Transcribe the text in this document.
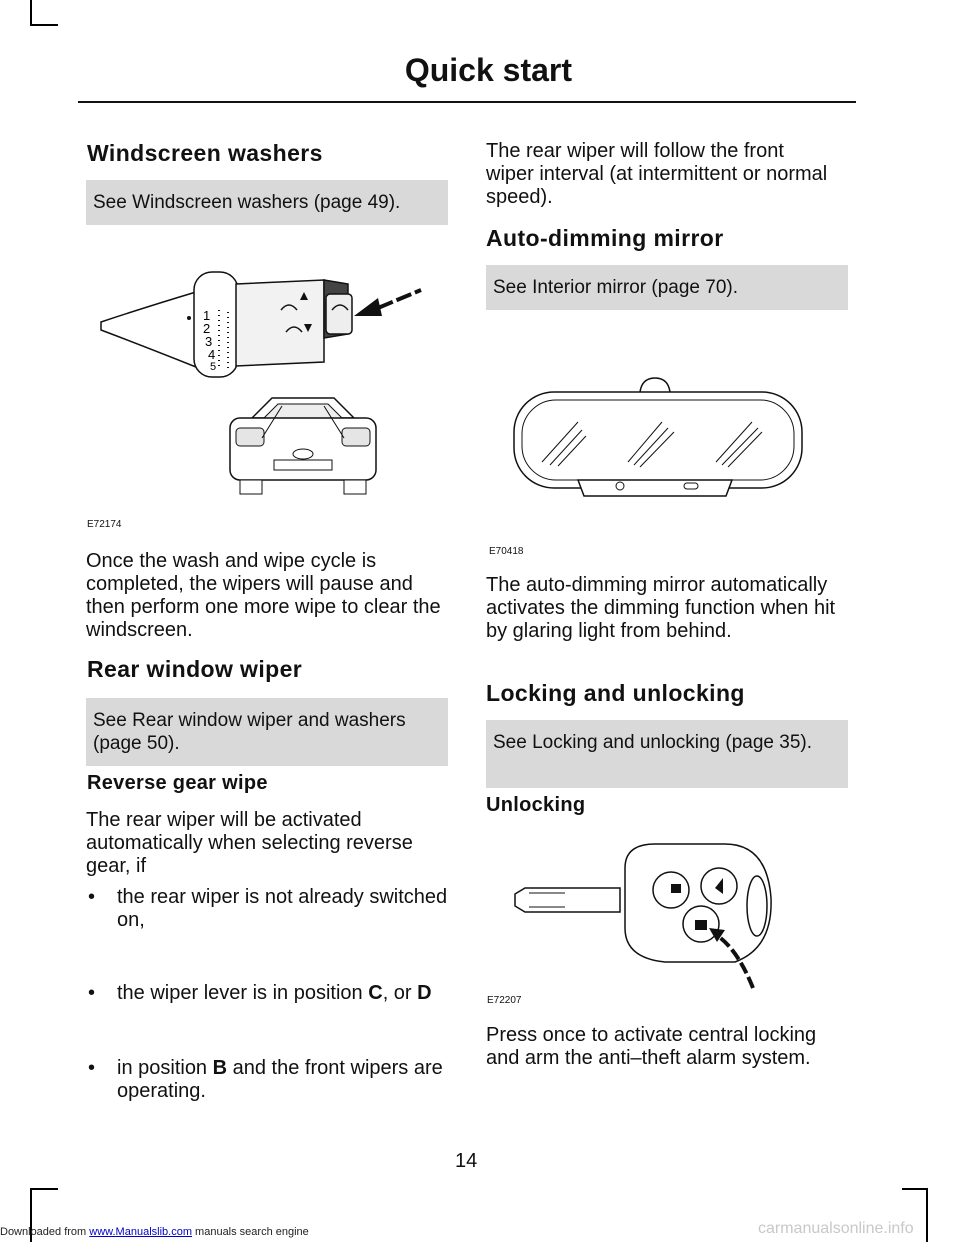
Quick start
Windscreen washers
See Windscreen washers (page 49).
1
2
3
4
5
E72174

Once the wash and wipe cycle is completed, the wipers will pause and then perform one more wipe to clear the windscreen.

Rear window wiper
See Rear window wiper and washers (page 50).
Reverse gear wipe

The rear wiper will be activated automatically when selecting reverse gear, if

• the rear wiper is not already switched on,
• the wiper lever is in position C, or D
• in position B and the front wipers are operating.

The rear wiper will follow the front wiper interval (at intermittent or normal speed).

Auto-dimming mirror
See Interior mirror (page 70).
E70418

The auto-dimming mirror automatically activates the dimming function when hit by glaring light from behind.

Locking and unlocking
See Locking and unlocking (page 35).
Unlocking
E72207

Press once to activate central locking and arm the anti–theft alarm system.

14
Downloaded from www.Manualslib.com manuals search engine	carmanualsonline.info
